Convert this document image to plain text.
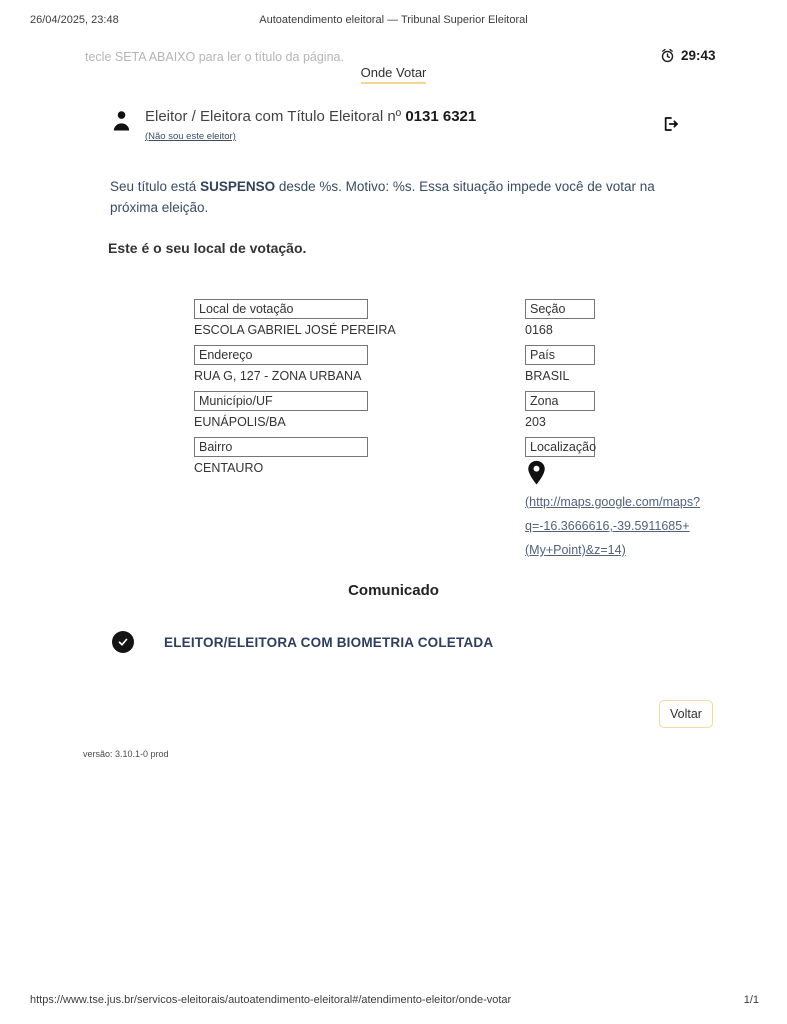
26/04/2025, 23:48	Autoatendimento eleitoral — Tribunal Superior Eleitoral
https://www.tse.jus.br/servicos-eleitorais/autoatendimento-eleitoral#/atendimento-eleitor/onde-votar	1/1
tecle SETA ABAIXO para ler o título da página.
Onde Votar
29:43
Eleitor / Eleitora com Título Eleitoral nº 0131 6321
(Não sou este eleitor)

Seu título está SUSPENSO desde %s. Motivo: %s. Essa situação impede você de votar na próxima eleição.

Este é o seu local de votação.
Local de votação
ESCOLA GABRIEL JOSÉ PEREIRA
Endereço
RUA G, 127 - ZONA URBANA
Município/UF
EUNÁPOLIS/BA
Bairro
CENTAURO
Seção
0168
País
BRASIL
Zona
203
Localização
(http://maps.google.com/maps?
q=-16.3666616,-39.5911685+
(My+Point)&z=14)
Comunicado
ELEITOR/ELEITORA COM BIOMETRIA COLETADA
Voltar
versão: 3.10.1-0 prod
